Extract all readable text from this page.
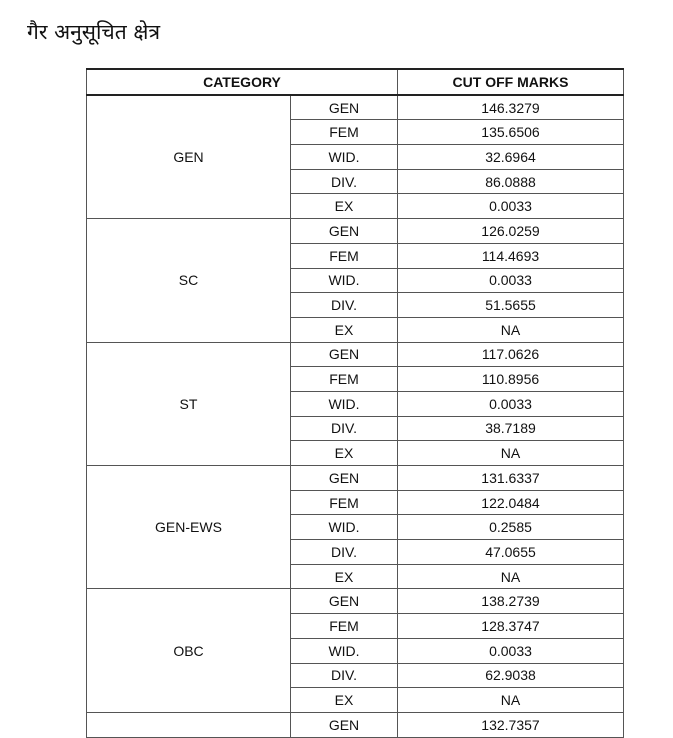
गैर अनुसूचित क्षेत्र
CATEGORY		CUT OFF MARKS
GEN	GEN	146.3279
	FEM	135.6506
	WID.	32.6964
	DIV.	86.0888
	EX	0.0033
SC	GEN	126.0259
	FEM	114.4693
	WID.	0.0033
	DIV.	51.5655
	EX	NA
ST	GEN	117.0626
	FEM	110.8956
	WID.	0.0033
	DIV.	38.7189
	EX	NA
GEN-EWS	GEN	131.6337
	FEM	122.0484
	WID.	0.2585
	DIV.	47.0655
	EX	NA
OBC	GEN	138.2739
	FEM	128.3747
	WID.	0.0033
	DIV.	62.9038
	EX	NA
	GEN	132.7357
